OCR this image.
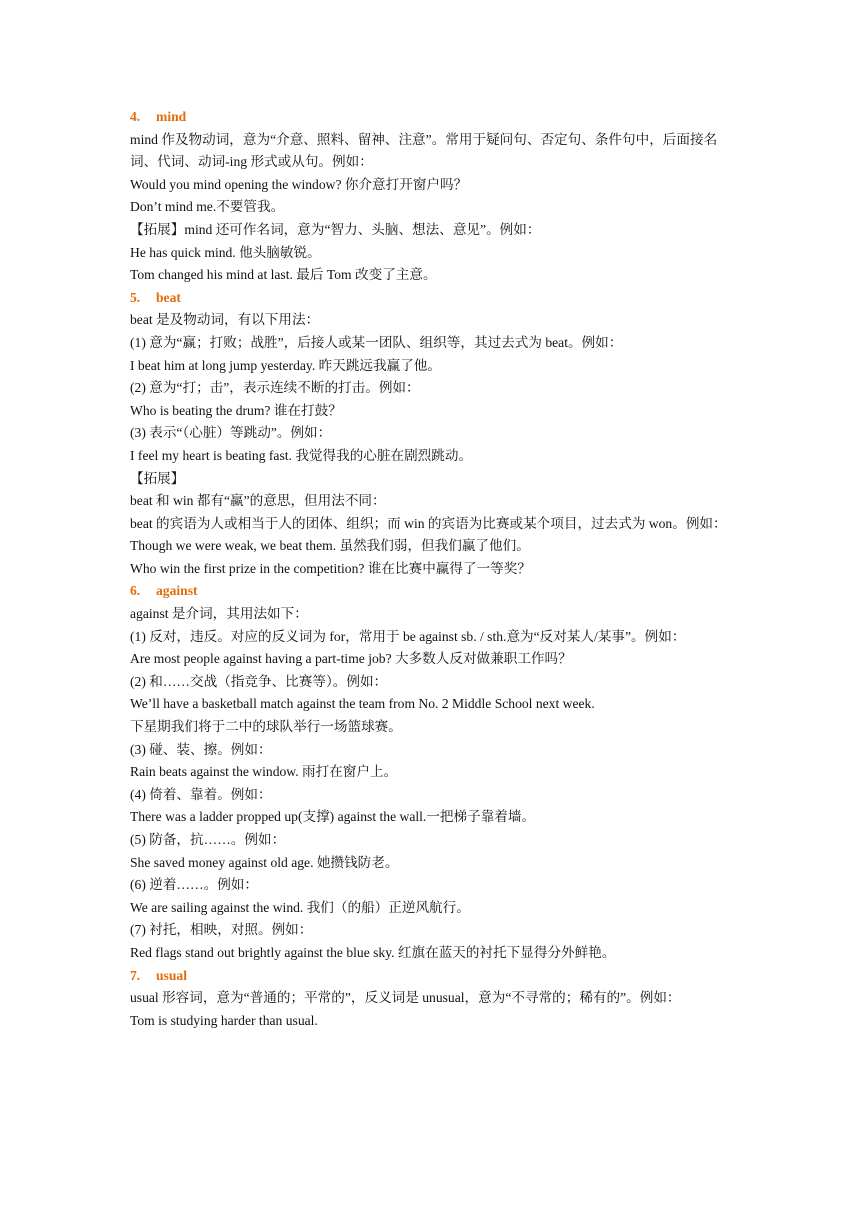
4. mind
mind 作及物动词，意为“介意、照料、留神、注意”。常用于疑问句、否定句、条件句中，后面接名词、代词、动词-ing 形式或从句。例如：
Would you mind opening the window? 你介意打开窗户吗？
Don’t mind me.不要管我。
【拓展】mind 还可作名词，意为“智力、头脑、想法、意见”。例如：
He has quick mind. 他头脑敏锐。
Tom changed his mind at last. 最后 Tom 改变了主意。
5. beat
beat 是及物动词，有以下用法：
(1) 意为“赢；打败；战胜”，后接人或某一团队、组织等，其过去式为 beat。例如：
I beat him at long jump yesterday. 昨天跳远我赢了他。
(2) 意为“打；击”，表示连续不断的打击。例如：
Who is beating the drum? 谁在打鼓？
(3) 表示“（心脏）等跳动”。例如：
I feel my heart is beating fast. 我觉得我的心脏在剧烈跳动。
【拓展】
beat 和 win 都有“赢”的意思，但用法不同：
beat 的宾语为人或相当于人的团体、组织；而 win 的宾语为比赛或某个项目，过去式为 won。例如：
Though we were weak, we beat them. 虽然我们弱，但我们赢了他们。
Who win the first prize in the competition? 谁在比赛中赢得了一等奖？
6. against
against 是介词，其用法如下：
(1) 反对，违反。对应的反义词为 for，常用于 be against sb. / sth.意为“反对某人/某事”。例如：
Are most people against having a part-time job? 大多数人反对做兼职工作吗？
(2) 和……交战（指竞争、比赛等）。例如：
We’ll have a basketball match against the team from No. 2 Middle School next week.
下星期我们将于二中的球队举行一场篮球赛。
(3) 碰、装、擦。例如：
Rain beats against the window. 雨打在窗户上。
(4) 倚着、靠着。例如：
There was a ladder propped up(支撑) against the wall.一把梯子靠着墙。
(5) 防备，抗……。例如：
She saved money against old age. 她攒钱防老。
(6) 逆着……。例如：
We are sailing against the wind. 我们（的船）正逆风航行。
(7) 衬托，相映，对照。例如：
Red flags stand out brightly against the blue sky. 红旗在蓝天的衬托下显得分外鲜艳。
7. usual
usual 形容词，意为“普通的；平常的”，反义词是 unusual，意为“不寻常的；稀有的”。例如：
Tom is studying harder than usual.
